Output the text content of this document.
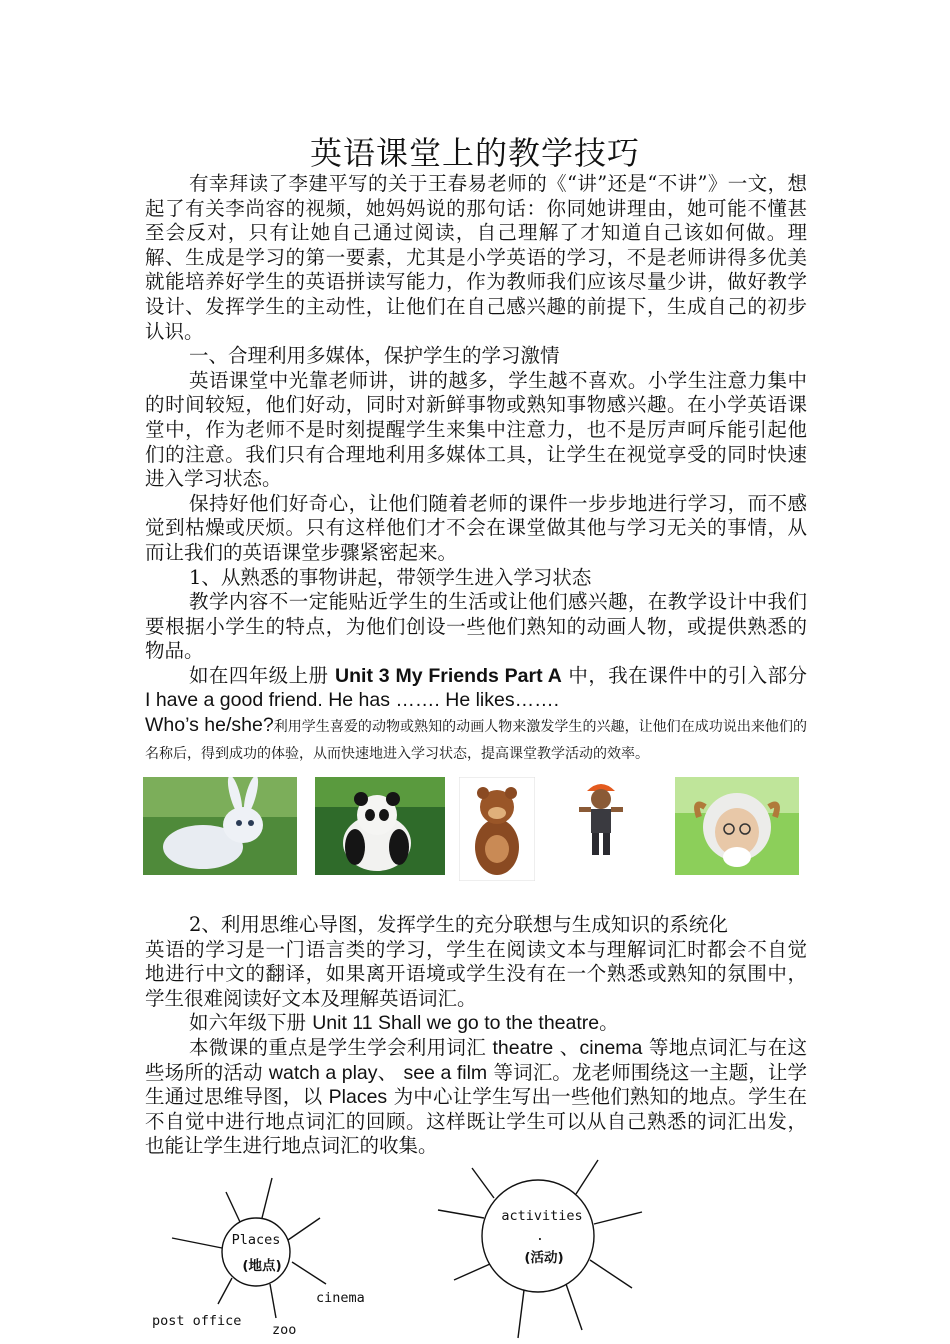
英语课堂上的教学技巧

有幸拜读了李建平写的关于王春易老师的《“讲”还是“不讲”》一文，想起了有关李尚容的视频，她妈妈说的那句话：你同她讲理由，她可能不懂甚至会反对，只有让她自己通过阅读，自己理解了才知道自己该如何做。理解、生成是学习的第一要素，尤其是小学英语的学习，不是老师讲得多优美就能培养好学生的英语拼读写能力，作为教师我们应该尽量少讲，做好教学设计、发挥学生的主动性，让他们在自己感兴趣的前提下，生成自己的初步认识。

一、合理利用多媒体，保护学生的学习激情

英语课堂中光靠老师讲，讲的越多，学生越不喜欢。小学生注意力集中的时间较短，他们好动，同时对新鲜事物或熟知事物感兴趣。在小学英语课堂中，作为老师不是时刻提醒学生来集中注意力，也不是厉声呵斥能引起他们的注意。我们只有合理地利用多媒体工具，让学生在视觉享受的同时快速进入学习状态。

保持好他们好奇心，让他们随着老师的课件一步步地进行学习，而不感觉到枯燥或厌烦。只有这样他们才不会在课堂做其他与学习无关的事情，从而让我们的英语课堂步骤紧密起来。

1、从熟悉的事物讲起，带领学生进入学习状态

教学内容不一定能贴近学生的生活或让他们感兴趣，在教学设计中我们要根据小学生的特点，为他们创设一些他们熟知的动画人物，或提供熟悉的物品。

如在四年级上册 Unit 3 My Friends Part A 中，我在课件中的引入部分 I have a good friend. He has ……. He likes…….

Who’s he/she?利用学生喜爱的动物或熟知的动画人物来激发学生的兴趣，让他们在成功说出来他们的名称后，得到成功的体验，从而快速地进入学习状态，提高课堂教学活动的效率。

2、利用思维心导图，发挥学生的充分联想与生成知识的系统化

英语的学习是一门语言类的学习，学生在阅读文本与理解词汇时都会不自觉地进行中文的翻译，如果离开语境或学生没有在一个熟悉或熟知的氛围中，学生很难阅读好文本及理解英语词汇。

如六年级下册 Unit 11 Shall we go to the theatre。

本微课的重点是学生学会利用词汇 theatre 、cinema 等地点词汇与在这些场所的活动 watch a play、 see a film 等词汇。龙老师围绕这一主题，让学生通过思维导图，以 Places 为中心让学生写出一些他们熟知的地点。学生在不自觉中进行地点词汇的回顾。这样既让学生可以从自己熟悉的词汇出发，也能让学生进行地点词汇的收集。

Places
(地点)
cinema
post office
zoo
activities
.
(活动)
